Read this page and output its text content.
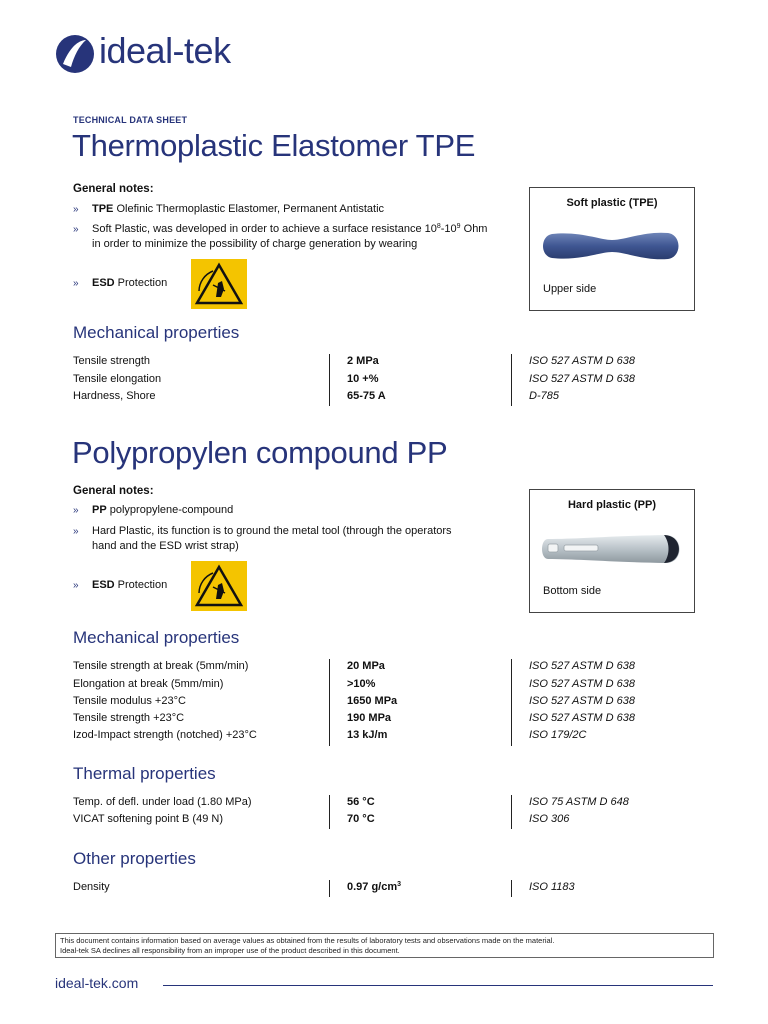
ideal-tek
TECHNICAL DATA SHEET
Thermoplastic Elastomer TPE
General notes:
» TPE Olefinic Thermoplastic Elastomer, Permanent Antistatic
» Soft Plastic, was developed in order to achieve a surface resistance $10^8-10^9$ Ohm
in order to minimize the possibility of charge generation by wearing
» ESD Protection
Soft plastic (TPE)
Upper side
Mechanical properties
Tensile strength	2 MPa	ISO 527 ASTM D 638
Tensile elongation	10 +%	ISO 527 ASTM D 638
Hardness, Shore	65-75 A	D-785
Polypropylen compound PP
General notes:
» PP polypropylene-compound
» Hard Plastic, its function is to ground the metal tool (through the operators
hand and the ESD wrist strap)
» ESD Protection
Hard plastic (PP)
Bottom side
Mechanical properties
Tensile strength at break (5mm/min)	20 MPa	ISO 527 ASTM D 638
Elongation at break (5mm/min)	>10%	ISO 527 ASTM D 638
Tensile modulus +23°C	1650 MPa	ISO 527 ASTM D 638
Tensile strength +23°C	190 MPa	ISO 527 ASTM D 638
Izod-Impact strength (notched) +23°C	13 kJ/m	ISO 179/2C
Thermal properties
Temp. of defl. under load (1.80 MPa)	56 °C	ISO 75 ASTM D 648
VICAT softening point B (49 N)	70 °C	ISO 306
Other properties
Density	0.97 $g/cm^3$	ISO 1183
This document contains information based on average values as obtained from the results of laboratory tests and observations made on the material.
Ideal-tek SA declines all responsibility from an improper use of the product described in this document.
ideal-tek.com
